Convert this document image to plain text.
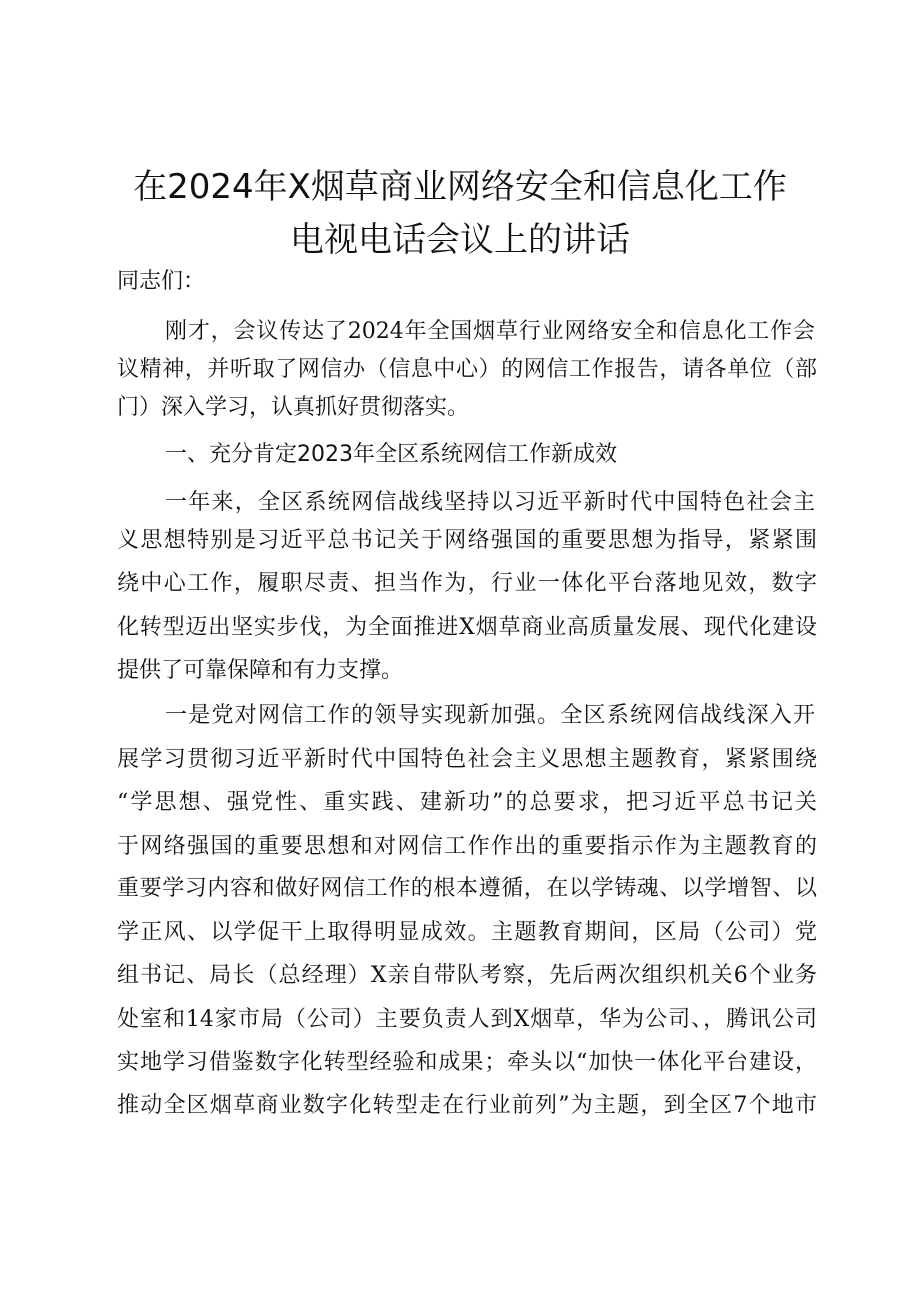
在2024年X烟草商业网络安全和信息化工作
电视电话会议上的讲话
同志们：
刚才，会议传达了2024年全国烟草行业网络安全和信息化工作会
议精神，并听取了网信办（信息中心）的网信工作报告，请各单位（部
门）深入学习，认真抓好贯彻落实。
一、充分肯定2023年全区系统网信工作新成效
一年来，全区系统网信战线坚持以习近平新时代中国特色社会主
义思想特别是习近平总书记关于网络强国的重要思想为指导，紧紧围
绕中心工作，履职尽责、担当作为，行业一体化平台落地见效，数字
化转型迈出坚实步伐，为全面推进X烟草商业高质量发展、现代化建设
提供了可靠保障和有力支撑。
一是党对网信工作的领导实现新加强。全区系统网信战线深入开
展学习贯彻习近平新时代中国特色社会主义思想主题教育，紧紧围绕
“学思想、强党性、重实践、建新功”的总要求，把习近平总书记关
于网络强国的重要思想和对网信工作作出的重要指示作为主题教育的
重要学习内容和做好网信工作的根本遵循，在以学铸魂、以学增智、以
学正风、以学促干上取得明显成效。主题教育期间，区局（公司）党
组书记、局长（总经理）X亲自带队考察，先后两次组织机关6个业务
处室和14家市局（公司）主要负责人到X烟草，华为公司、，腾讯公司
实地学习借鉴数字化转型经验和成果；牵头以“加快一体化平台建设，
推动全区烟草商业数字化转型走在行业前列”为主题，到全区7个地市
